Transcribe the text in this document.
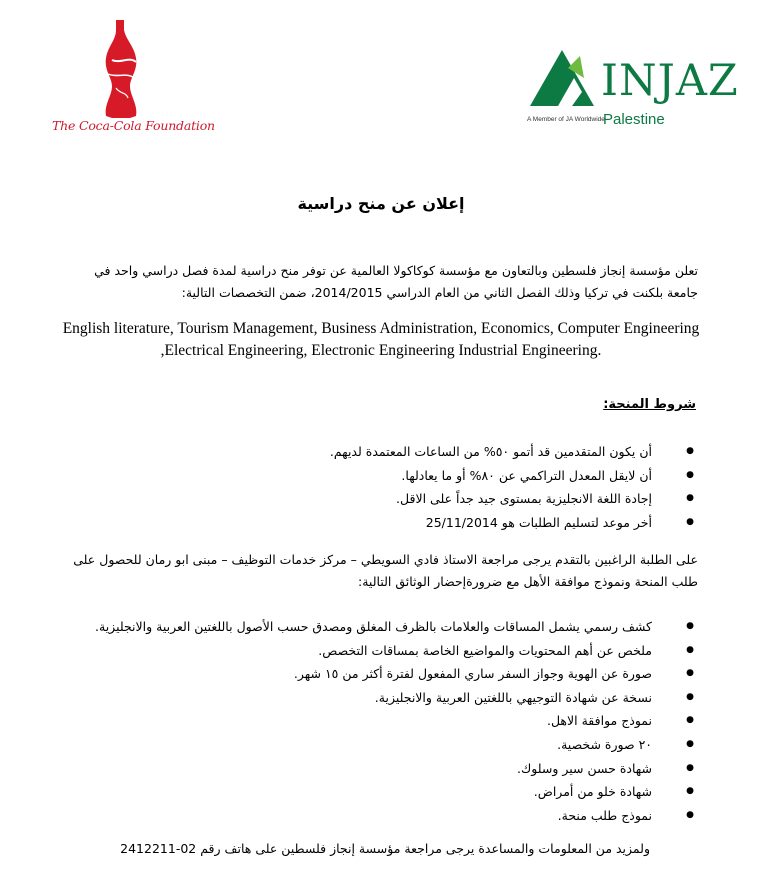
The Coca-Cola Foundation
INJAZ
A Member of JA Worldwide
Palestine
إعلان عن منح دراسية
تعلن مؤسسة إنجاز فلسطين وبالتعاون مع مؤسسة كوكاكولا العالمية عن توفر منح دراسية لمدة فصل دراسي واحد في جامعة بلكنت في تركيا وذلك الفصل الثاني من العام الدراسي 2014/2015، ضمن التخصصات التالية:
English literature, Tourism Management, Business Administration, Economics, Computer Engineering ,Electrical Engineering, Electronic Engineering Industrial Engineering.
شروط المنحة:
● أن يكون المتقدمين قد أتمو ٥٠% من الساعات المعتمدة لديهم.
● أن لايقل المعدل التراكمي عن ٨٠% أو ما يعادلها.
● إجادة اللغة الانجليزية بمستوى جيد جداً على الاقل.
● أخر موعد لتسليم الطلبات هو 25/11/2014
على الطلبة الراغبين بالتقدم يرجى مراجعة الاستاذ فادي السويطي – مركز خدمات التوظيف – مبنى ابو رمان للحصول على طلب المنحة ونموذج موافقة الأهل مع ضرورةإحضار الوثائق التالية:
● كشف رسمي يشمل المساقات والعلامات بالظرف المغلق ومصدق حسب الأصول باللغتين العربية والانجليزية.
● ملخص عن أهم المحتويات والمواضيع الخاصة بمساقات التخصص.
● صورة عن الهوية وجواز السفر ساري المفعول لفترة أكثر من ١٥ شهر.
● نسخة عن شهادة التوجيهي باللغتين العربية والانجليزية.
● نموذج موافقة الاهل.
● ٢٠ صورة شخصية.
● شهادة حسن سير وسلوك.
● شهادة خلو من أمراض.
● نموذج طلب منحة.
ولمزيد من المعلومات والمساعدة يرجى مراجعة مؤسسة إنجاز فلسطين على هاتف رقم 02-2412211
